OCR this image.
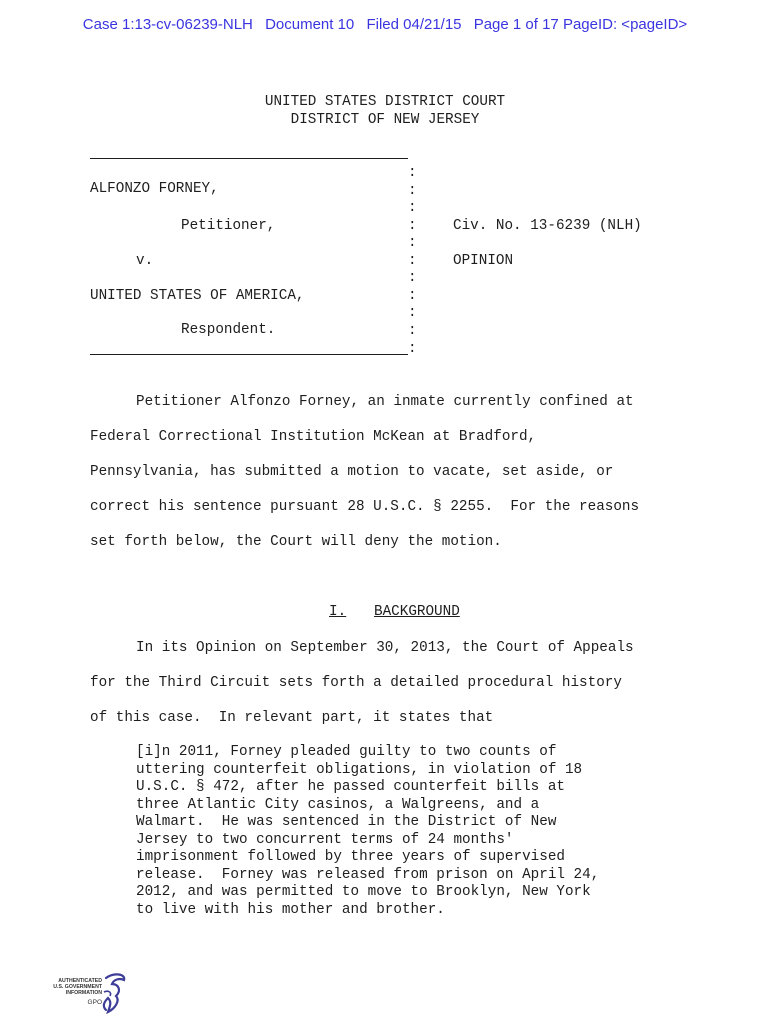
Case 1:13-cv-06239-NLH Document 10 Filed 04/21/15 Page 1 of 17 PageID: <pageID>
UNITED STATES DISTRICT COURT
DISTRICT OF NEW JERSEY
:
:
:
:
:
:
:
:
:
:
:
ALFONZO FORNEY,
Petitioner,
v.
UNITED STATES OF AMERICA,
Respondent.
Civ. No. 13-6239 (NLH)
OPINION
Petitioner Alfonzo Forney, an inmate currently confined at
Federal Correctional Institution McKean at Bradford,
Pennsylvania, has submitted a motion to vacate, set aside, or
correct his sentence pursuant 28 U.S.C. § 2255.  For the reasons
set forth below, the Court will deny the motion.
I. BACKGROUND
In its Opinion on September 30, 2013, the Court of Appeals
for the Third Circuit sets forth a detailed procedural history
of this case.  In relevant part, it states that
[i]n 2011, Forney pleaded guilty to two counts of
uttering counterfeit obligations, in violation of 18
U.S.C. § 472, after he passed counterfeit bills at
three Atlantic City casinos, a Walgreens, and a
Walmart.  He was sentenced in the District of New
Jersey to two concurrent terms of 24 months'
imprisonment followed by three years of supervised
release.  Forney was released from prison on April 24,
2012, and was permitted to move to Brooklyn, New York
to live with his mother and brother.
AUTHENTICATED
U.S. GOVERNMENT
INFORMATION
GPO
